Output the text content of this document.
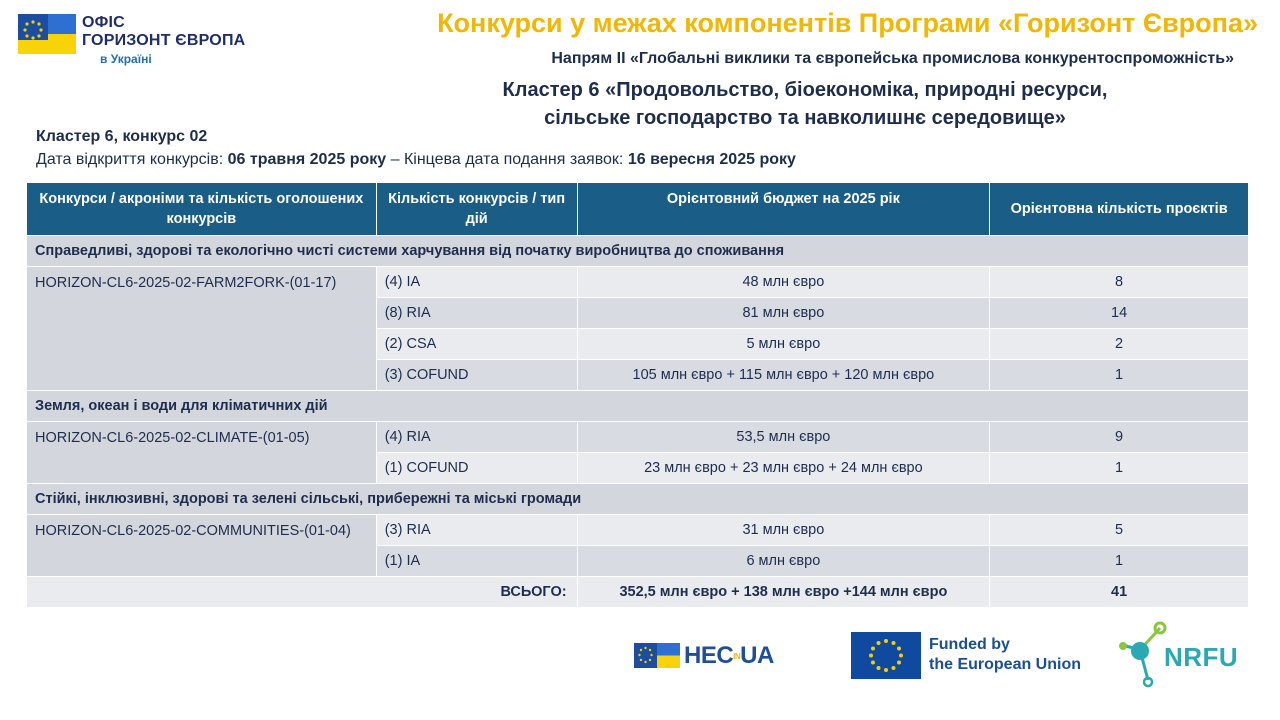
ОФІС
ГОРИЗОНТ ЄВРОПА
в Україні
Конкурси у межах компонентів Програми «Горизонт Європа»
Напрям II «Глобальні виклики та європейська промислова конкурентоспроможність»
Кластер 6 «Продовольство, біоекономіка, природні ресурси,
сільське господарство та навколишнє середовище»
Кластер 6, конкурс 02
Дата відкриття конкурсів: 06 травня 2025 року – Кінцева дата подання заявок: 16 вересня 2025 року
Конкурси / акроніми та кількість оголошених конкурсів	Кількість конкурсів / тип дій	Орієнтовний бюджет на 2025 рік	Орієнтовна кількість проєктів
Справедливі, здорові та екологічно чисті системи харчування від початку виробництва до споживання			
HORIZON-CL6-2025-02-FARM2FORK-(01-17)	(4) IA	48 млн євро	8
	(8) RIA	81 млн євро	14
	(2) CSA	5 млн євро	2
	(3) COFUND	105 млн євро + 115 млн євро + 120 млн євро	1
Земля, океан і води для кліматичних дій			
HORIZON-CL6-2025-02-CLIMATE-(01-05)	(4) RIA	53,5 млн євро	9
	(1) COFUND	23 млн євро + 23 млн євро + 24 млн євро	1
Стійкі, інклюзивні, здорові та зелені сільські, прибережні та міські громади			
HORIZON-CL6-2025-02-COMMUNITIES-(01-04)	(3) RIA	31 млн євро	5
	(1) IA	6 млн євро	1
ВСЬОГО:		352,5 млн євро + 138 млн євро +144 млн євро	41
HECINUA	Funded by
the European Union	NRFU
